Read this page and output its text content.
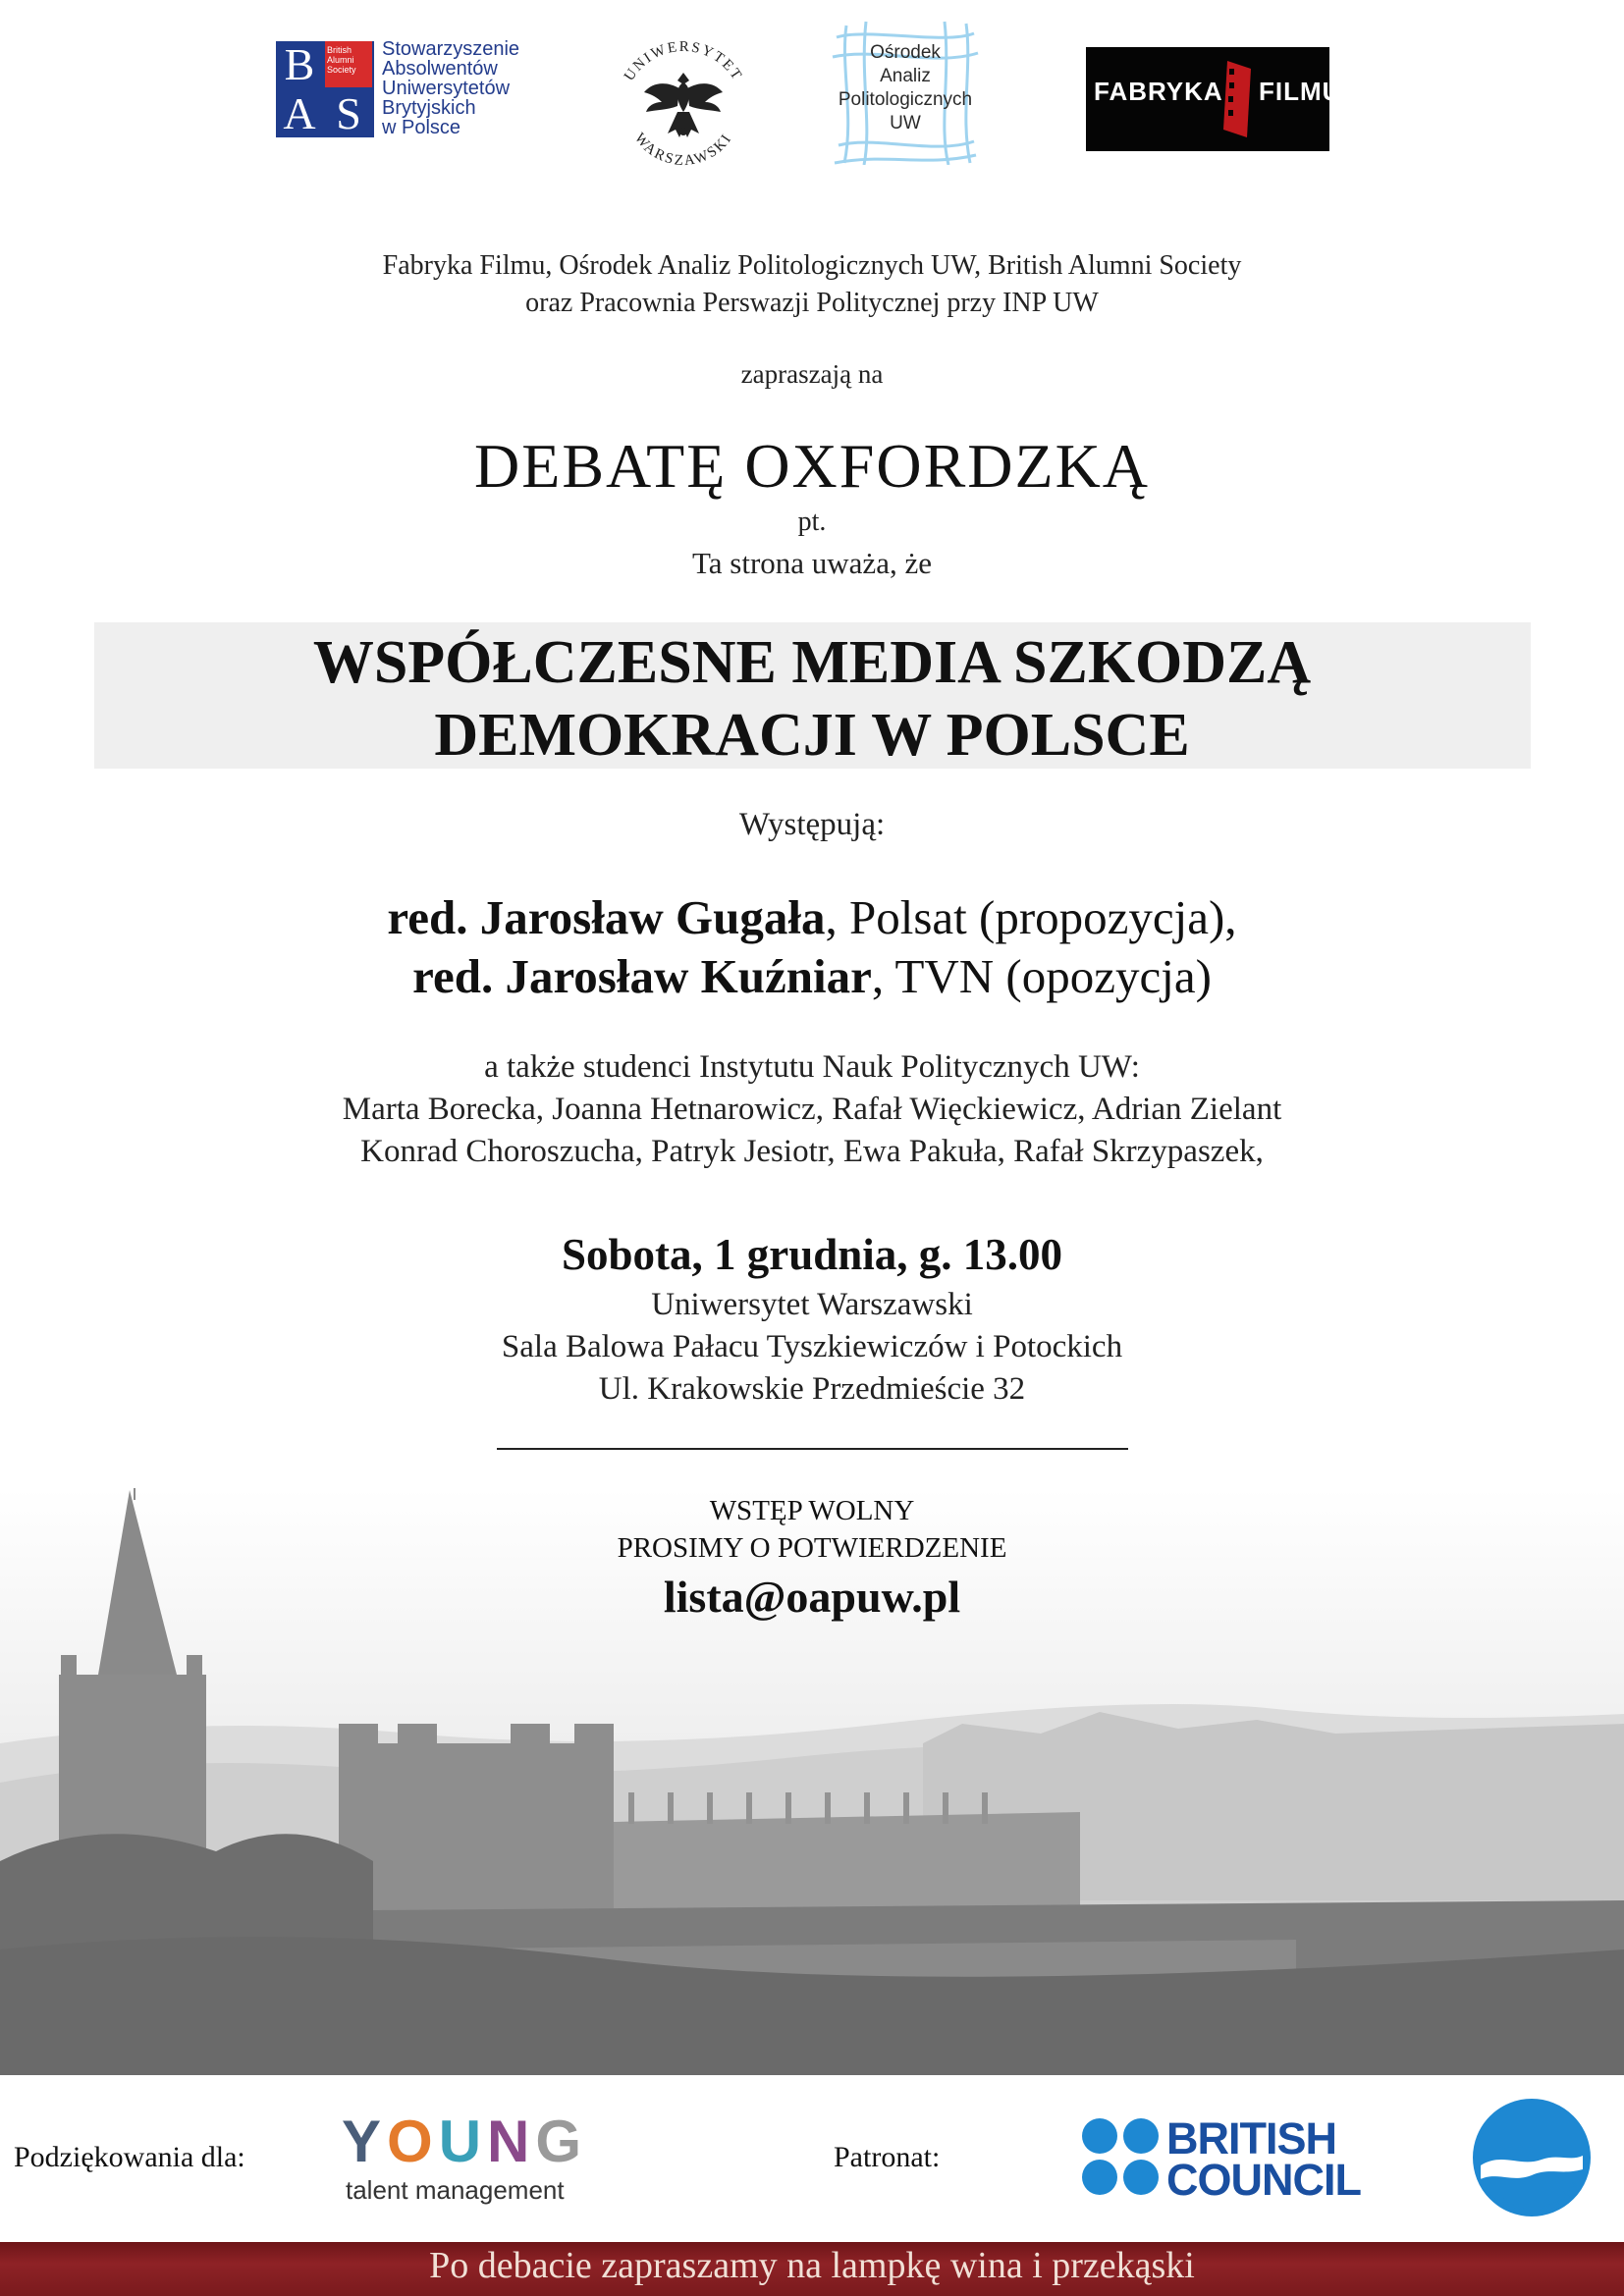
B	British Alumni Society
A S
Stowarzyszenie
Absolwentów
Uniwersytetów
Brytyjskich
w Polsce
UNIWERSYTET
WARSZAWSKI
Ośrodek
Analiz
Politologicznych
UW
FABRYKA FILMU
Fabryka Filmu, Ośrodek Analiz Politologicznych UW, British Alumni Society
oraz Pracownia Perswazji Politycznej przy INP UW
zapraszają na
DEBATĘ OXFORDZKĄ
pt.
Ta strona uważa, że
WSPÓŁCZESNE MEDIA SZKODZĄ
DEMOKRACJI W POLSCE
Występują:
red. Jarosław Gugała, Polsat (propozycja),
red. Jarosław Kuźniar, TVN (opozycja)
a także studenci Instytutu Nauk Politycznych UW:
Marta Borecka, Joanna Hetnarowicz, Rafał Więckiewicz, Adrian Zielant
Konrad Choroszucha, Patryk Jesiotr, Ewa Pakuła, Rafał Skrzypaszek,
Sobota, 1 grudnia, g. 13.00
Uniwersytet Warszawski
Sala Balowa Pałacu Tyszkiewiczów i Potockich
Ul. Krakowskie Przedmieście 32
WSTĘP WOLNY
PROSIMY O POTWIERDZENIE
lista@oapuw.pl
Podziękowania dla: YOUNG
talent management
Patronat:	BRITISH
COUNCIL	SZKOŁA LIDERÓW
Po debacie zapraszamy na lampkę wina i przekąski
